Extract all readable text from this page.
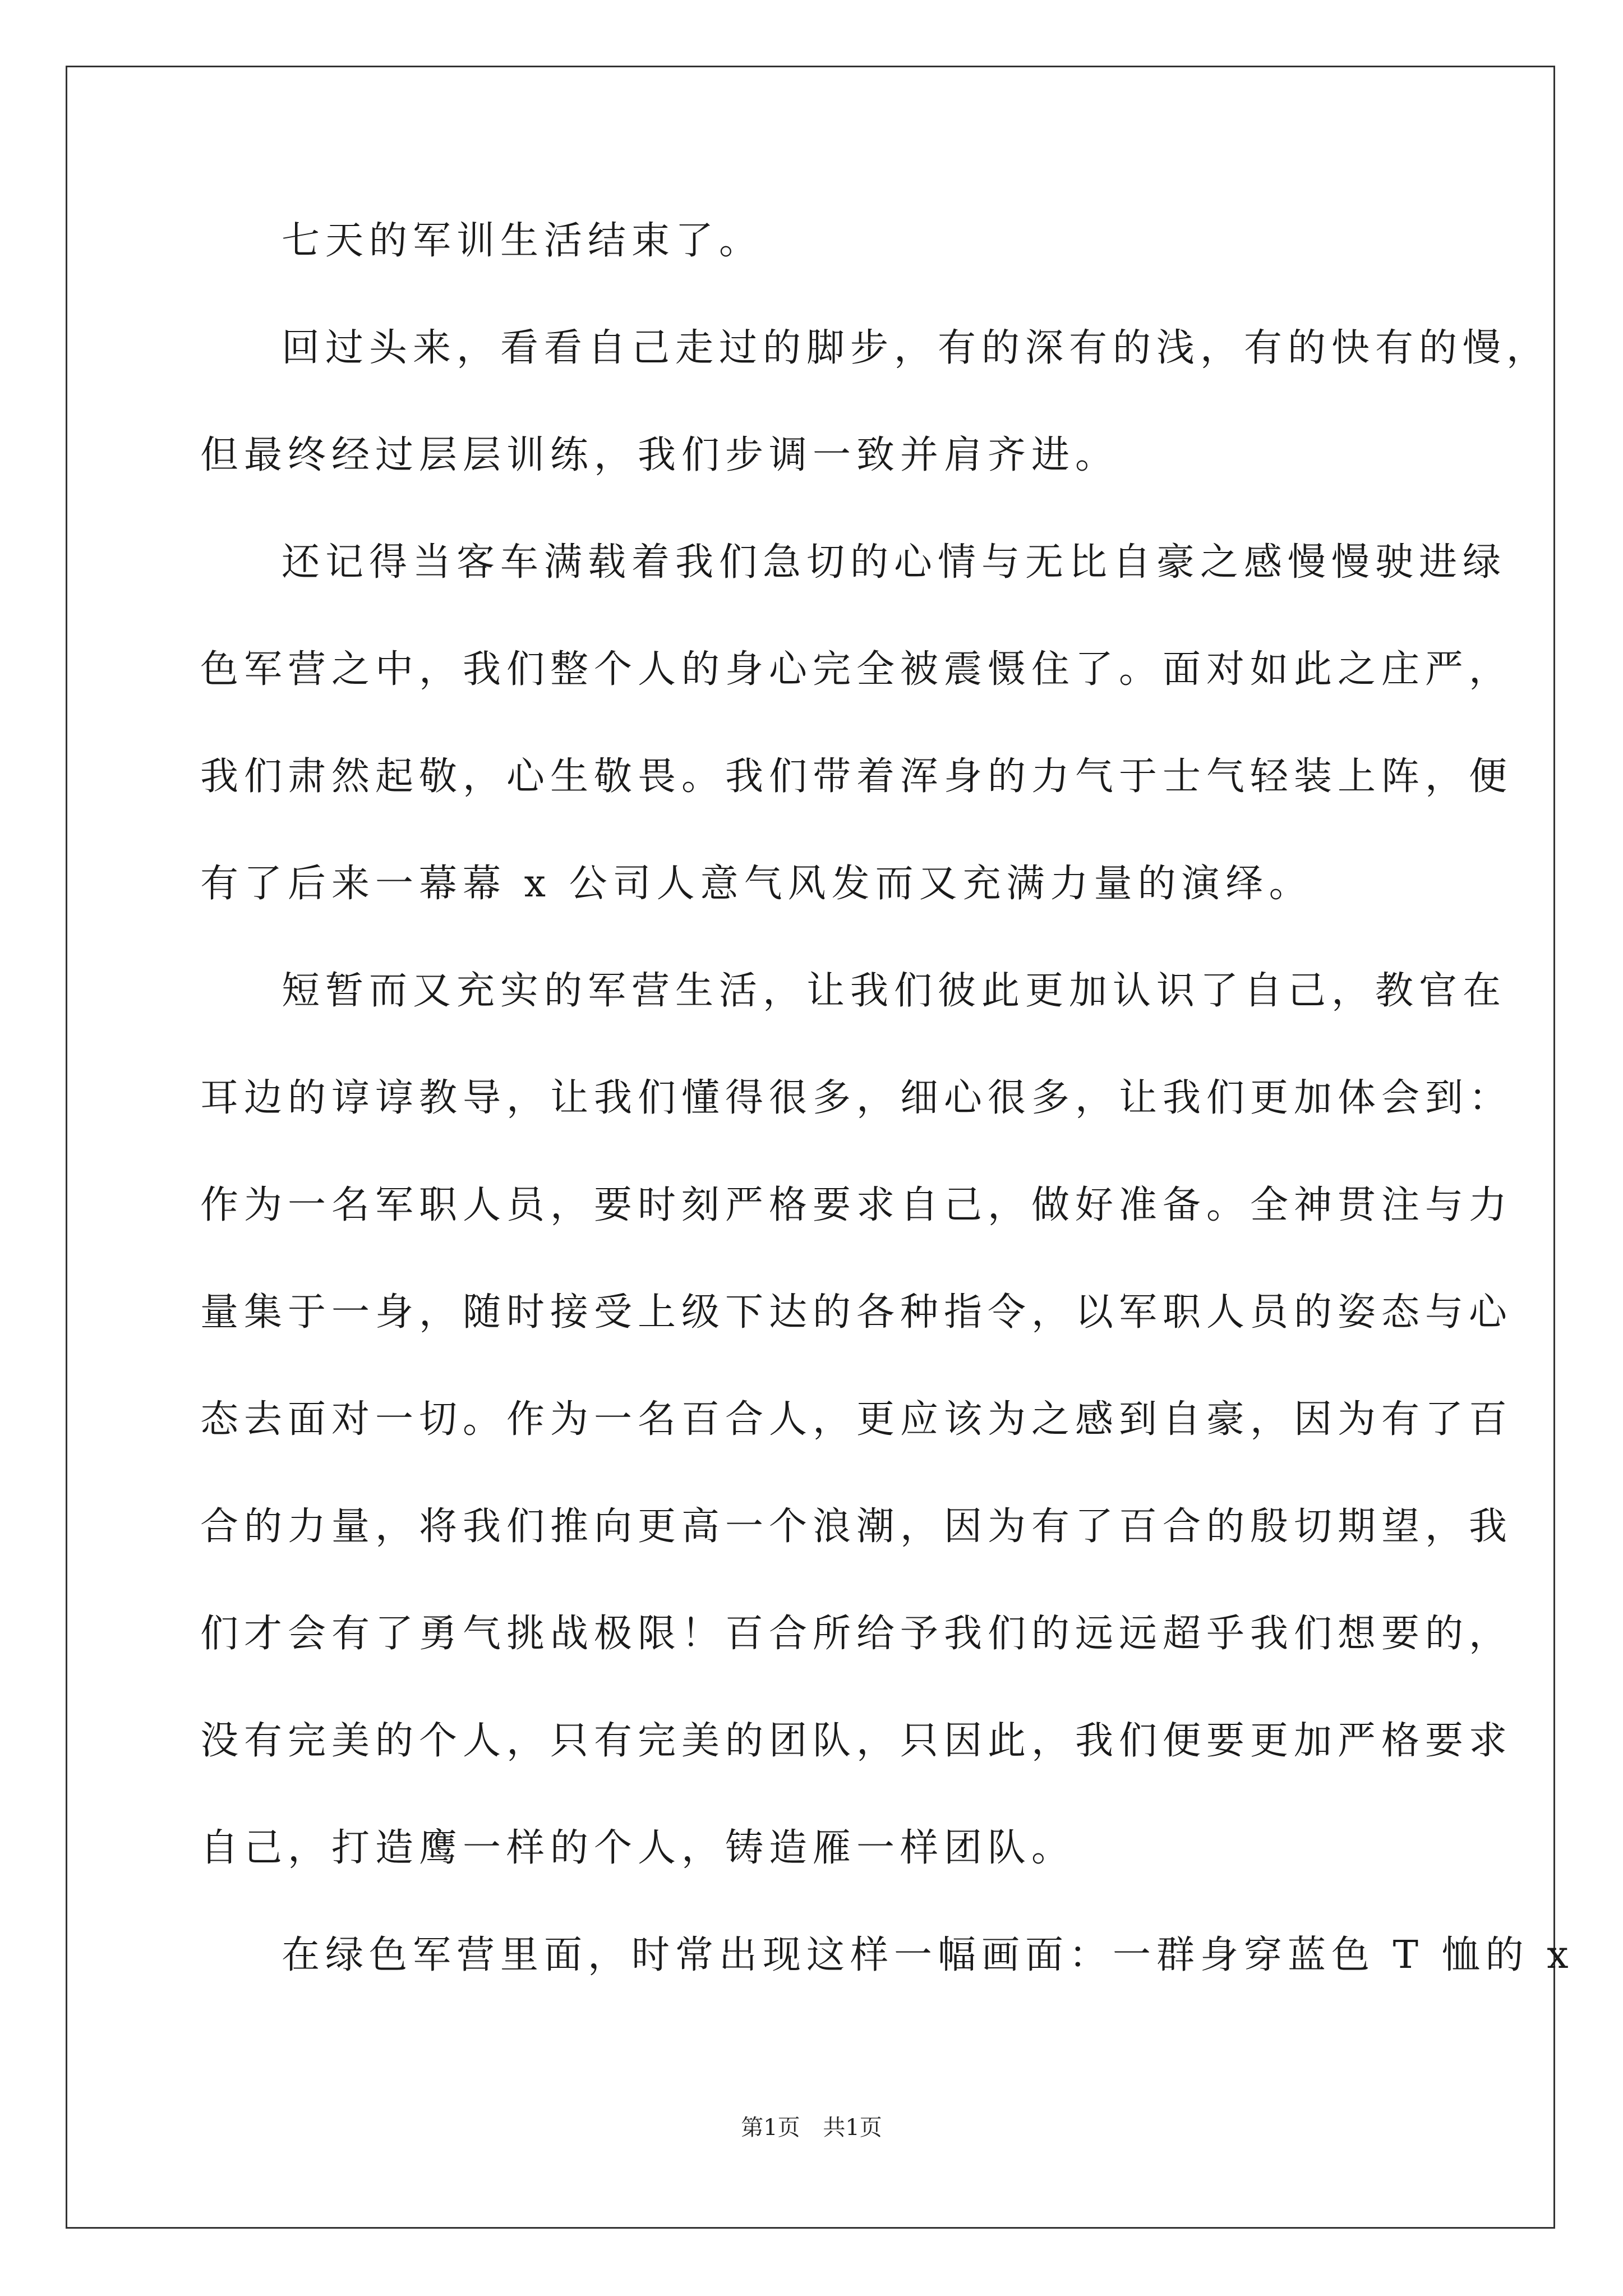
七天的军训生活结束了。
回过头来，看看自己走过的脚步，有的深有的浅，有的快有的慢，
但最终经过层层训练，我们步调一致并肩齐进。
还记得当客车满载着我们急切的心情与无比自豪之感慢慢驶进绿
色军营之中，我们整个人的身心完全被震慑住了。面对如此之庄严，
我们肃然起敬，心生敬畏。我们带着浑身的力气于士气轻装上阵，便
有了后来一幕幕 x 公司人意气风发而又充满力量的演绎。
短暂而又充实的军营生活，让我们彼此更加认识了自己，教官在
耳边的谆谆教导，让我们懂得很多，细心很多，让我们更加体会到：
作为一名军职人员，要时刻严格要求自己，做好准备。全神贯注与力
量集于一身，随时接受上级下达的各种指令，以军职人员的姿态与心
态去面对一切。作为一名百合人，更应该为之感到自豪，因为有了百
合的力量，将我们推向更高一个浪潮，因为有了百合的殷切期望，我
们才会有了勇气挑战极限！百合所给予我们的远远超乎我们想要的，
没有完美的个人，只有完美的团队，只因此，我们便要更加严格要求
自己，打造鹰一样的个人，铸造雁一样团队。
在绿色军营里面，时常出现这样一幅画面：一群身穿蓝色 T 恤的 x
第1页 共1页
